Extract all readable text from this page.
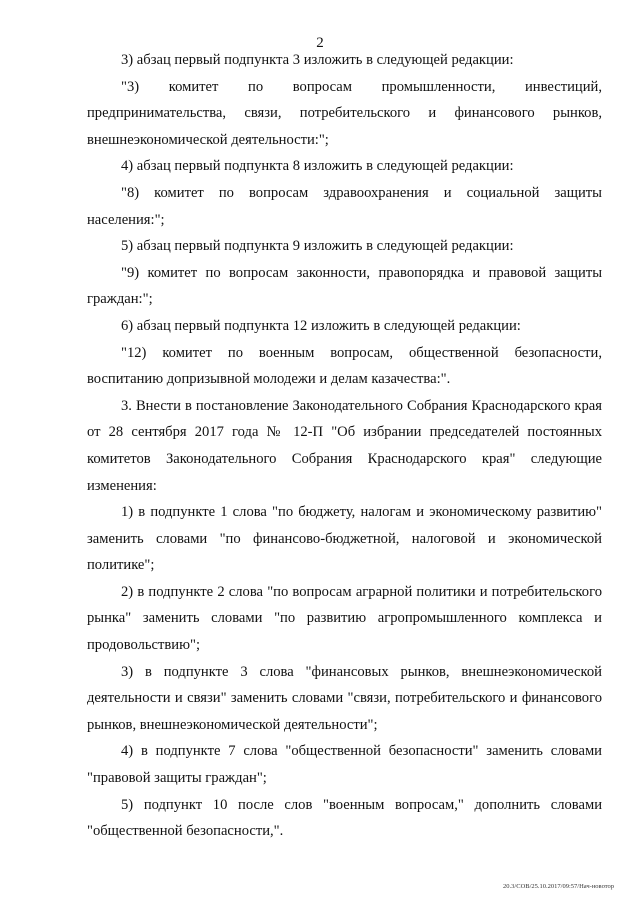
2

3) абзац первый подпункта 3 изложить в следующей редакции:

"3) комитет по вопросам промышленности, инвестиций, предпринимательства, связи, потребительского и финансового рынков, внешнеэкономической деятельности:";

4) абзац первый подпункта 8 изложить в следующей редакции:

"8) комитет по вопросам здравоохранения и социальной защиты населения:";

5) абзац первый подпункта 9 изложить в следующей редакции:

"9) комитет по вопросам законности, правопорядка и правовой защиты граждан:";

6) абзац первый подпункта 12 изложить в следующей редакции:

"12) комитет по военным вопросам, общественной безопасности, воспитанию допризывной молодежи и делам казачества:".

3. Внести в постановление Законодательного Собрания Краснодарского края от 28 сентября 2017 года № 12-П "Об избрании председателей постоянных комитетов Законодательного Собрания Краснодарского края" следующие изменения:

1) в подпункте 1 слова "по бюджету, налогам и экономическому развитию" заменить словами "по финансово-бюджетной, налоговой и экономической политике";

2) в подпункте 2 слова "по вопросам аграрной политики и потребительского рынка" заменить словами "по развитию агропромышленного комплекса и продовольствию";

3) в подпункте 3 слова "финансовых рынков, внешнеэкономической деятельности и связи" заменить словами "связи, потребительского и финансового рынков, внешнеэкономической деятельности";

4) в подпункте 7 слова "общественной безопасности" заменить словами "правовой защиты граждан";

5) подпункт 10 после слов "военным вопросам," дополнить словами "общественной безопасности,".

20.3/СОВ/25.10.2017/09:57/Нач-новотор
